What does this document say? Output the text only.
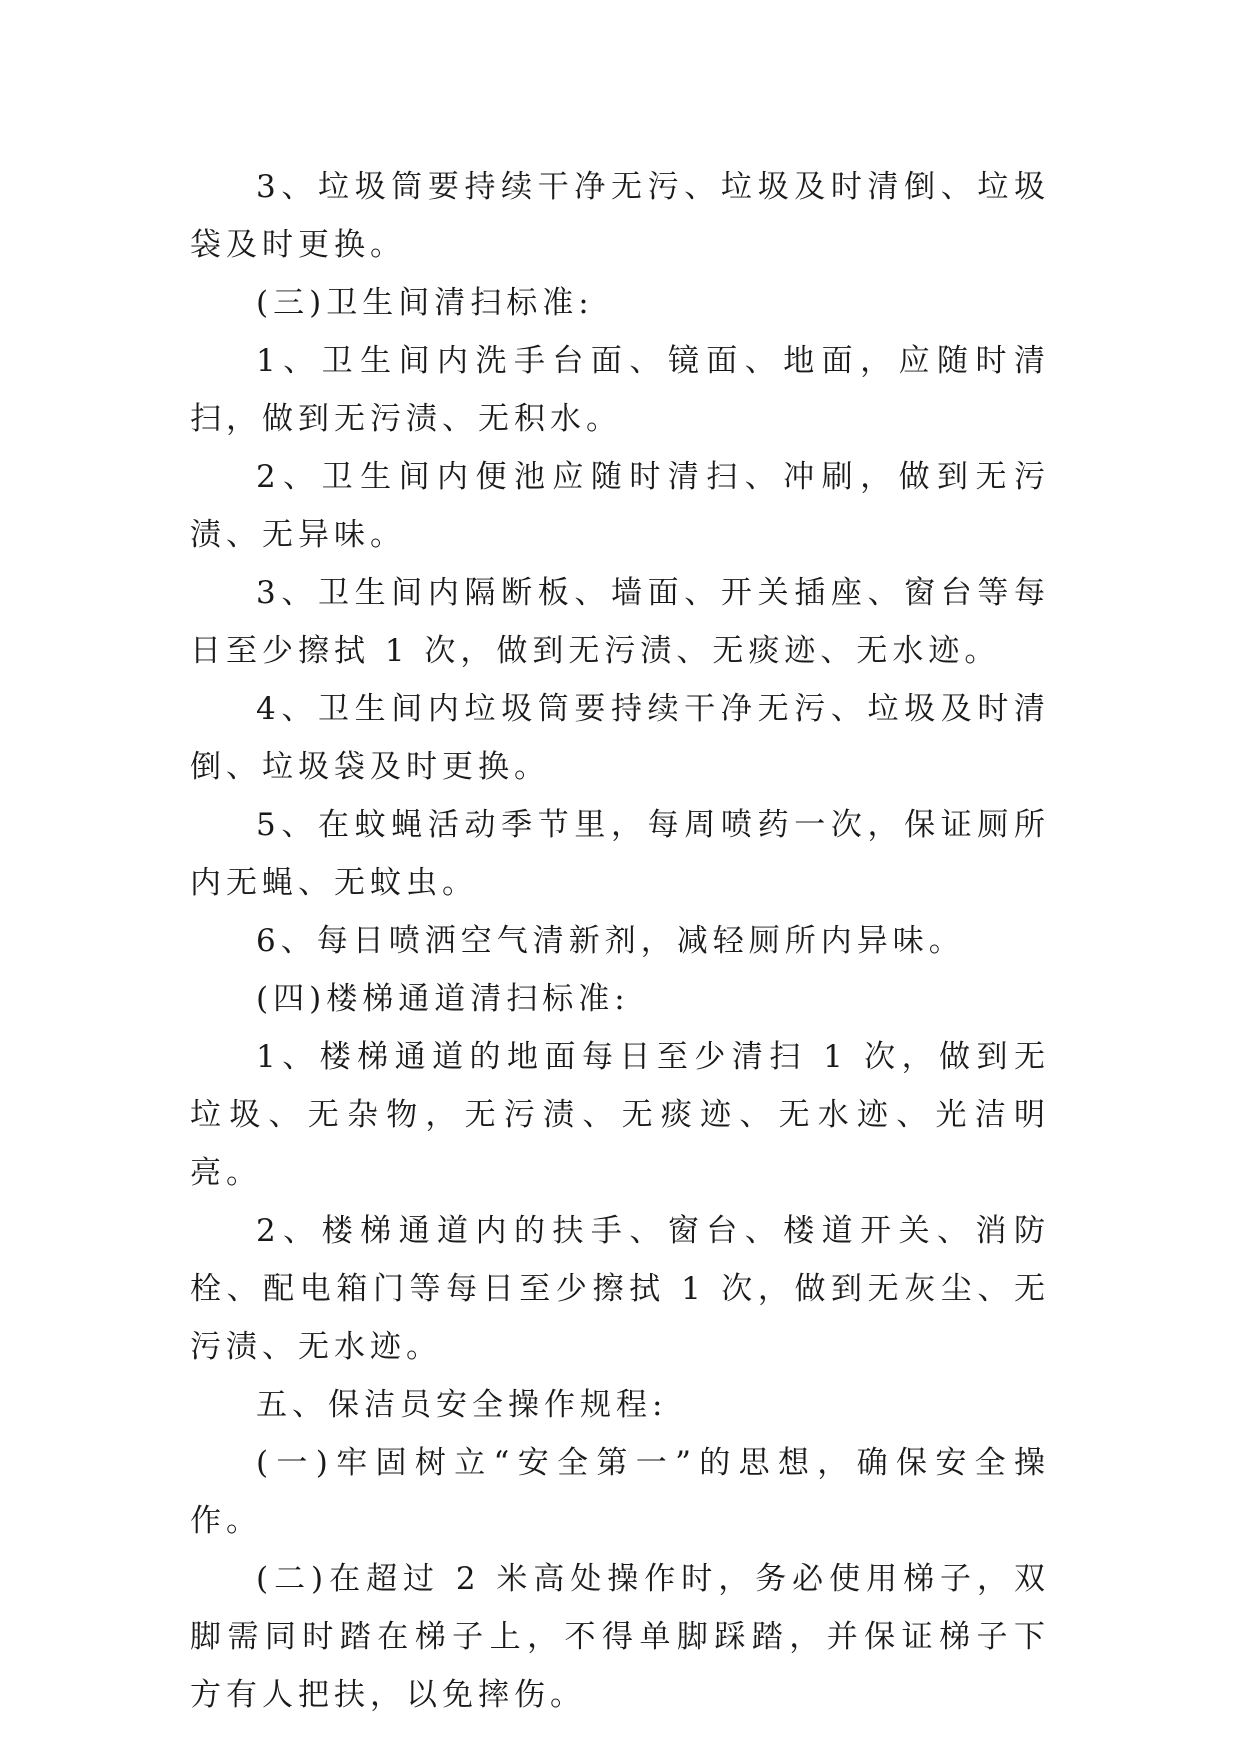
3、垃圾筒要持续干净无污、垃圾及时清倒、垃圾袋及时更换。

(三)卫生间清扫标准:

1、卫生间内洗手台面、镜面、地面，应随时清扫，做到无污渍、无积水。

2、卫生间内便池应随时清扫、冲刷，做到无污渍、无异味。

3、卫生间内隔断板、墙面、开关插座、窗台等每日至少擦拭 1 次，做到无污渍、无痰迹、无水迹。

4、卫生间内垃圾筒要持续干净无污、垃圾及时清倒、垃圾袋及时更换。

5、在蚊蝇活动季节里，每周喷药一次，保证厕所内无蝇、无蚊虫。

6、每日喷洒空气清新剂，减轻厕所内异味。

(四)楼梯通道清扫标准:

1、楼梯通道的地面每日至少清扫 1 次，做到无垃圾、无杂物，无污渍、无痰迹、无水迹、光洁明亮。

2、楼梯通道内的扶手、窗台、楼道开关、消防栓、配电箱门等每日至少擦拭 1 次，做到无灰尘、无污渍、无水迹。

五、保洁员安全操作规程:

(一)牢固树立“安全第一”的思想，确保安全操作。

(二)在超过 2 米高处操作时，务必使用梯子，双脚需同时踏在梯子上，不得单脚踩踏，并保证梯子下方有人把扶，以免摔伤。
